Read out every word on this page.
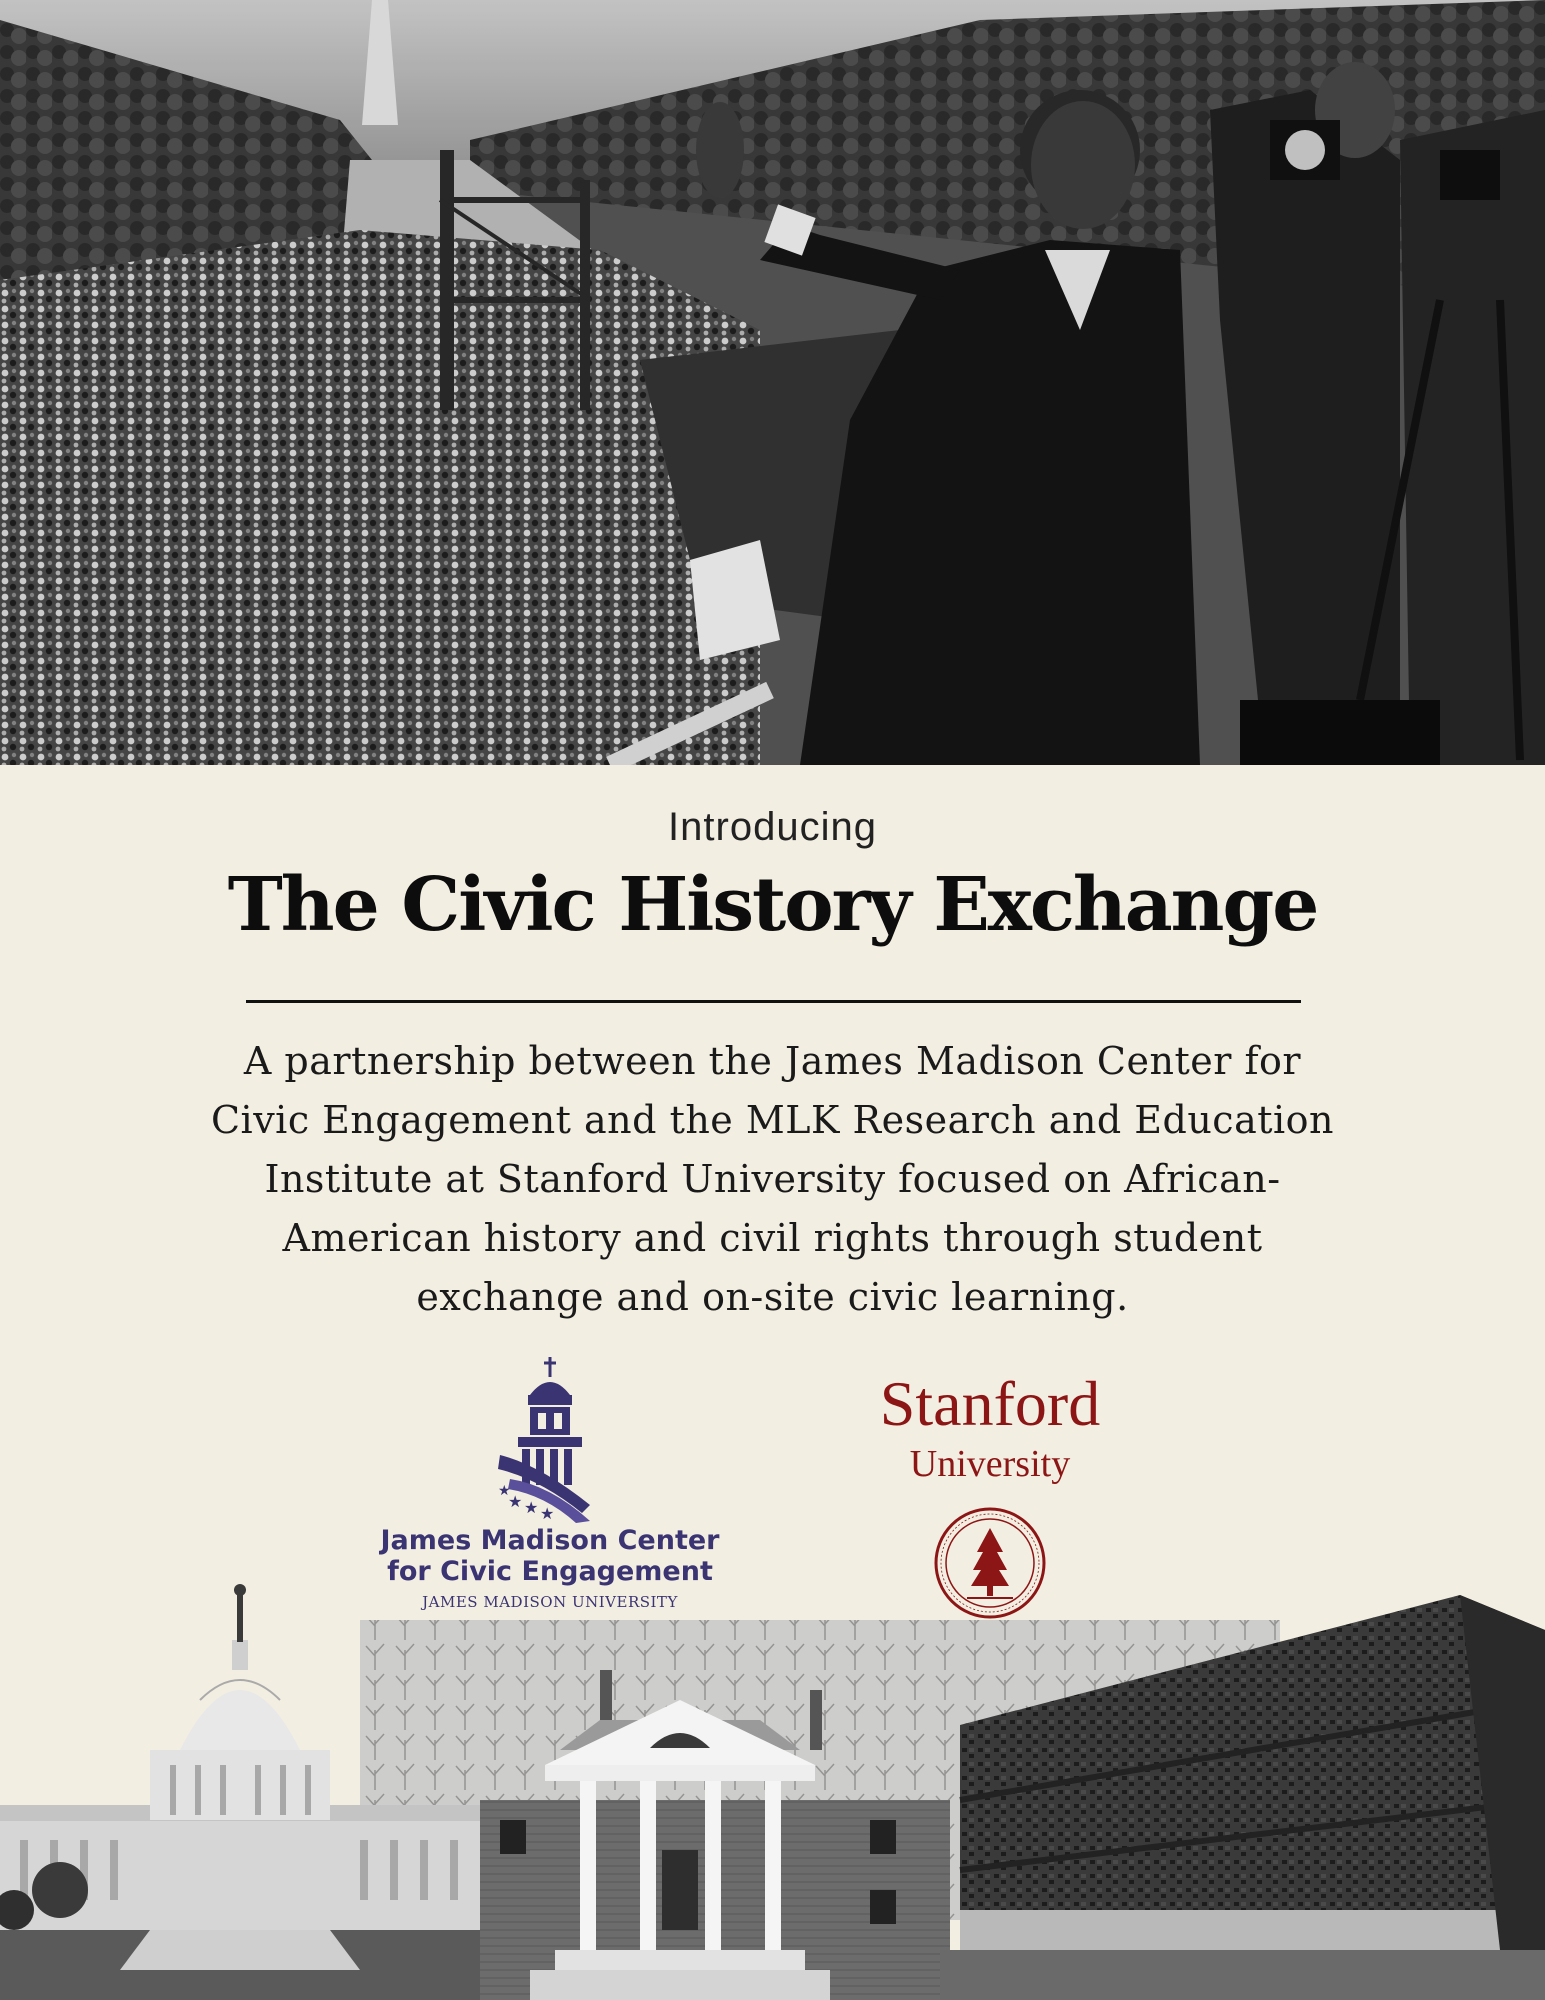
Introducing
The Civic History Exchange
A partnership between the James Madison Center for
Civic Engagement and the MLK Research and Education
Institute at Stanford University focused on African-
American history and civil rights through student
exchange and on-site civic learning.
★ ★ ★
★
James Madison Center
for Civic Engagement
JAMES MADISON UNIVERSITY
Stanford
University
